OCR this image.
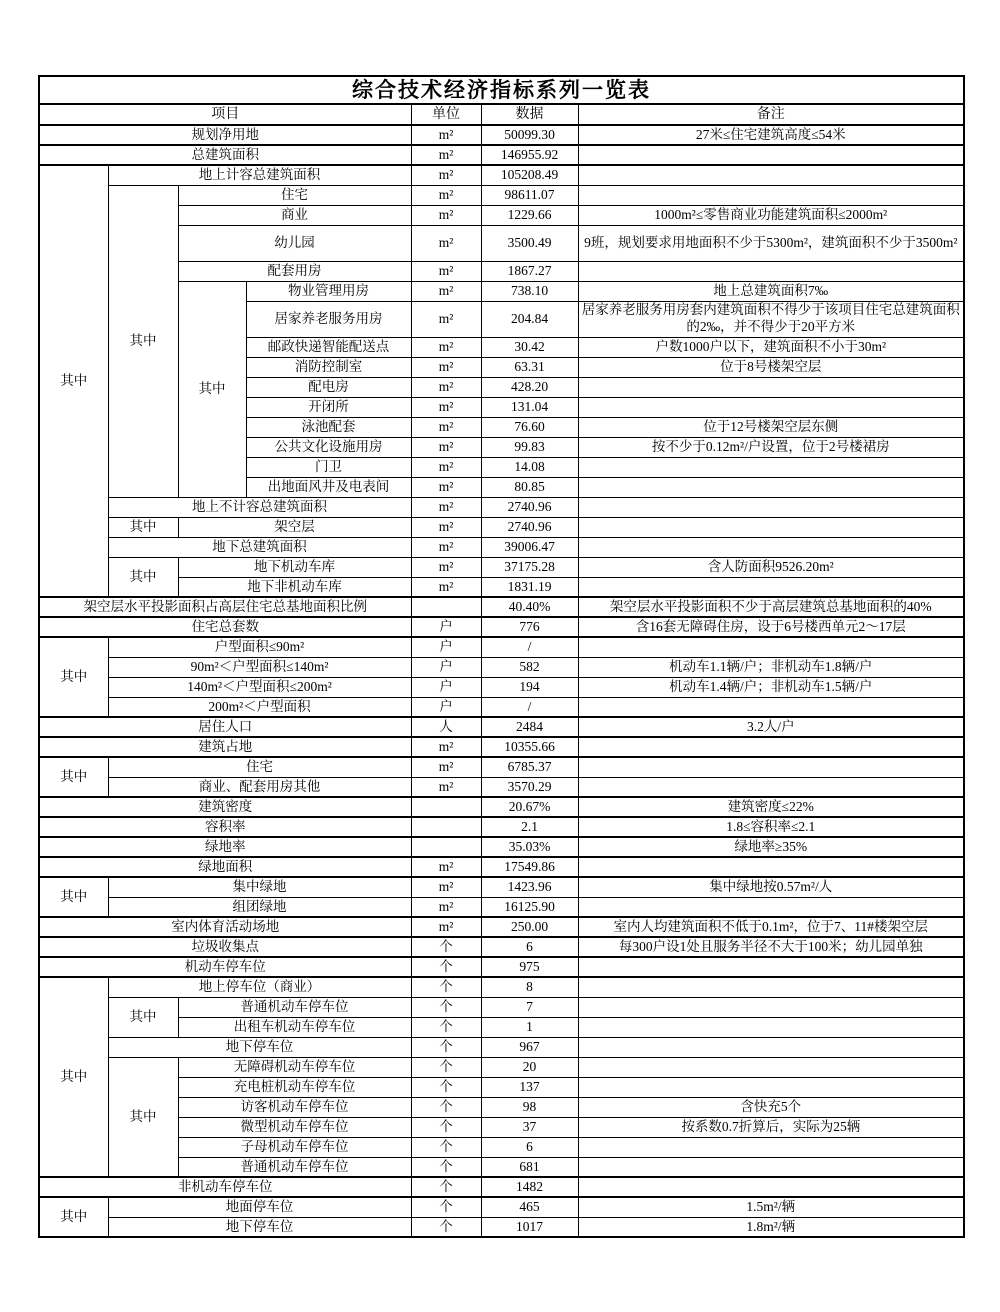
综合技术经济指标系列一览表						
项目				单位	数据	备注
规划净用地				m²	50099.30	27米≤住宅建筑高度≤54米
总建筑面积				m²	146955.92	
其中	地上计容总建筑面积			m²	105208.49	
	其中	住宅		m²	98611.07	
		商业		m²	1229.66	1000m²≤零售商业功能建筑面积≤2000m²
		幼儿园		m²	3500.49	9班，规划要求用地面积不少于5300m²，建筑面积不少于3500m²
		配套用房		m²	1867.27	
		其中	物业管理用房	m²	738.10	地上总建筑面积7‰
			居家养老服务用房	m²	204.84	居家养老服务用房套内建筑面积不得少于该项目住宅总建筑面积的2‰，并不得少于20平方米
			邮政快递智能配送点	m²	30.42	户数1000户以下，建筑面积不小于30m²
			消防控制室	m²	63.31	位于8号楼架空层
			配电房	m²	428.20	
			开闭所	m²	131.04	
			泳池配套	m²	76.60	位于12号楼架空层东侧
			公共文化设施用房	m²	99.83	按不少于0.12m²/户设置，位于2号楼裙房
			门卫	m²	14.08	
			出地面风井及电表间	m²	80.85	
	地上不计容总建筑面积			m²	2740.96	
	其中	架空层		m²	2740.96	
	地下总建筑面积			m²	39006.47	
	其中	地下机动车库		m²	37175.28	含人防面积9526.20m²
		地下非机动车库		m²	1831.19	
架空层水平投影面积占高层住宅总基地面积比例					40.40%	架空层水平投影面积不少于高层建筑总基地面积的40%
住宅总套数				户	776	含16套无障碍住房，设于6号楼西单元2～17层
其中	户型面积≤90m²			户	/	
	90m²＜户型面积≤140m²			户	582	机动车1.1辆/户；非机动车1.8辆/户
	140m²＜户型面积≤200m²			户	194	机动车1.4辆/户；非机动车1.5辆/户
	200m²＜户型面积			户	/	
居住人口				人	2484	3.2人/户
建筑占地				m²	10355.66	
其中	住宅			m²	6785.37	
	商业、配套用房其他			m²	3570.29	
建筑密度					20.67%	建筑密度≤22%
容积率					2.1	1.8≤容积率≤2.1
绿地率					35.03%	绿地率≥35%
绿地面积				m²	17549.86	
其中	集中绿地			m²	1423.96	集中绿地按0.57m²/人
	组团绿地			m²	16125.90	
室内体育活动场地				m²	250.00	室内人均建筑面积不低于0.1m²，位于7、11#楼架空层
垃圾收集点				个	6	每300户设1处且服务半径不大于100米；幼儿园单独
机动车停车位				个	975	
其中	地上停车位（商业）			个	8	
	其中	普通机动车停车位		个	7	
		出租车机动车停车位		个	1	
	地下停车位			个	967	
	其中	无障碍机动车停车位		个	20	
		充电桩机动车停车位		个	137	
		访客机动车停车位		个	98	含快充5个
		微型机动车停车位		个	37	按系数0.7折算后，实际为25辆
		子母机动车停车位		个	6	
		普通机动车停车位		个	681	
非机动车停车位				个	1482	
其中	地面停车位			个	465	1.5m²/辆
	地下停车位			个	1017	1.8m²/辆
